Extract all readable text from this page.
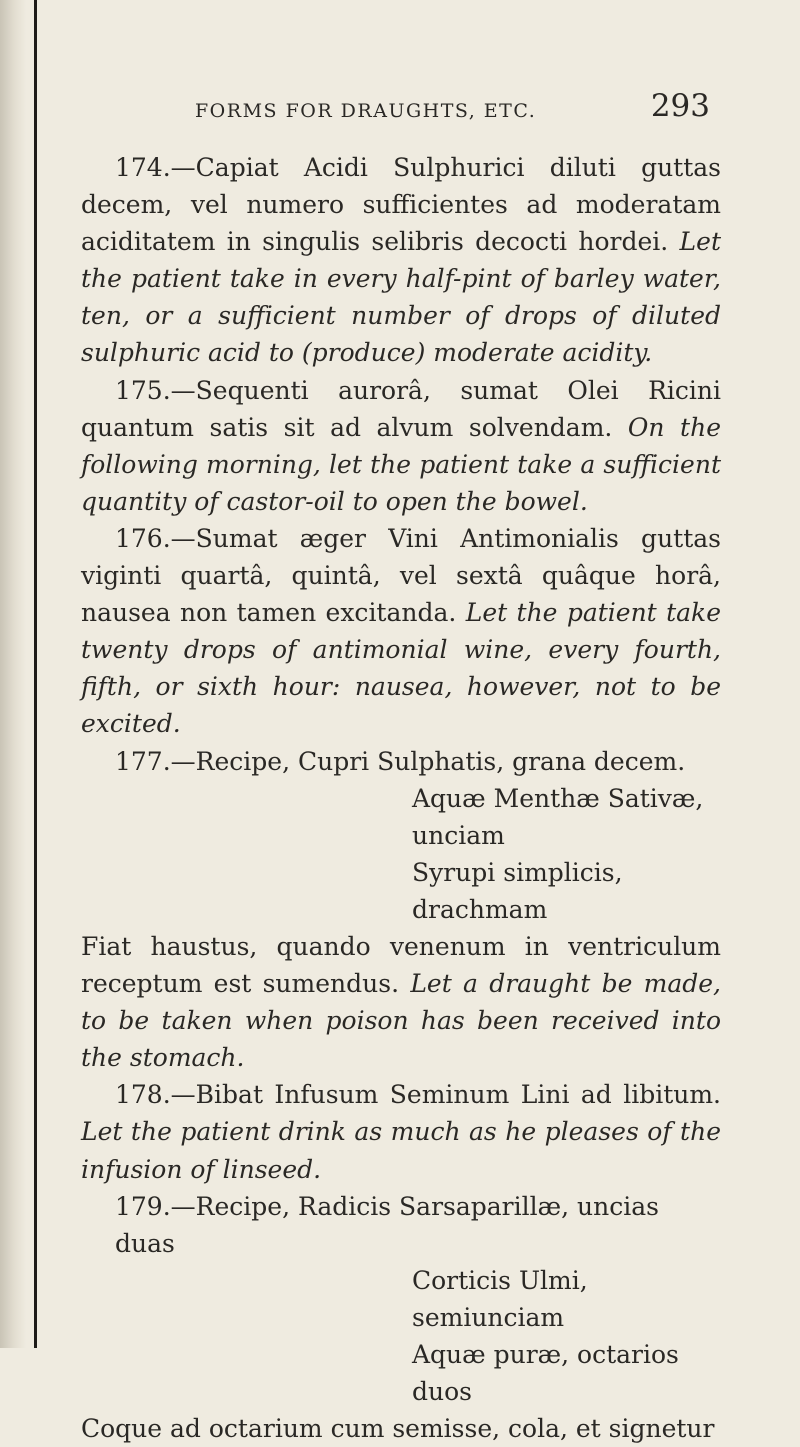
FORMS FOR DRAUGHTS, ETC.	293

174.—Capiat Acidi Sulphurici diluti guttas decem, vel numero sufficientes ad moderatam aciditatem in singulis selibris decocti hordei. Let the patient take in every half-pint of barley water, ten, or a sufficient number of drops of diluted sulphuric acid to (produce) moderate acidity.

175.—Sequenti aurorâ, sumat Olei Ricini quantum satis sit ad alvum solvendam. On the following morning, let the patient take a sufficient quantity of castor-oil to open the bowel.

176.—Sumat æger Vini Antimonialis guttas viginti quartâ, quintâ, vel sextâ quâque horâ, nausea non tamen excitanda. Let the patient take twenty drops of antimonial wine, every fourth, fifth, or sixth hour: nausea, however, not to be excited.

177.—Recipe, Cupri Sulphatis, grana decem.

Aquæ Menthæ Sativæ, unciam

Syrupi simplicis, drachmam

Fiat haustus, quando venenum in ventriculum receptum est sumendus. Let a draught be made, to be taken when poison has been received into the stomach.

178.—Bibat Infusum Seminum Lini ad libitum. Let the patient drink as much as he pleases of the infusion of linseed.

179.—Recipe, Radicis Sarsaparillæ, uncias duas

Corticis Ulmi, semiunciam

Aquæ puræ, octarios duos

Coque ad octarium cum semisse, cola, et signetur
